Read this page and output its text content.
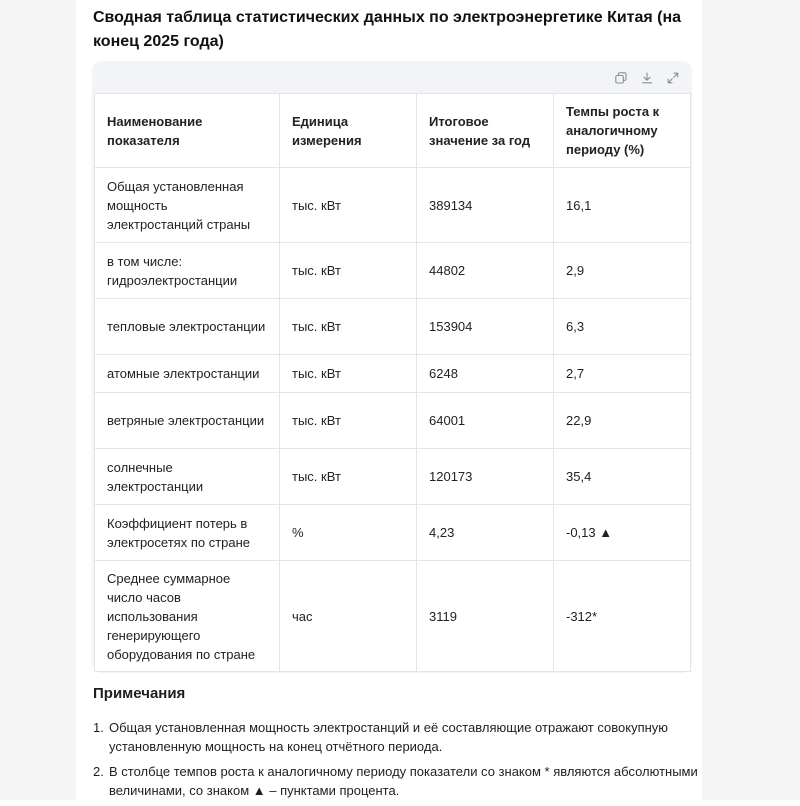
Сводная таблица статистических данных по электроэнергетике Китая (на конец 2025 года)
Наименование показателя	Единица измерения	Итоговое значение за год	Темпы роста к аналогичному периоду (%)
Общая установленная мощность электростанций страны	тыс. кВт	389134	16,1
в том числе: гидроэлектростанции	тыс. кВт	44802	2,9
тепловые электростанции	тыс. кВт	153904	6,3
атомные электростанции	тыс. кВт	6248	2,7
ветряные электростанции	тыс. кВт	64001	22,9
солнечные электростанции	тыс. кВт	120173	35,4
Коэффициент потерь в электросетях по стране	%	4,23	-0,13 ▲
Среднее суммарное число часов использования генерирующего оборудования по стране	час	3119	-312*
Примечания
1. Общая установленная мощность электростанций и её составляющие отражают совокупную установленную мощность на конец отчётного периода.
2. В столбце темпов роста к аналогичному периоду показатели со знаком * являются абсолютными величинами, со знаком ▲ – пунктами процента.
